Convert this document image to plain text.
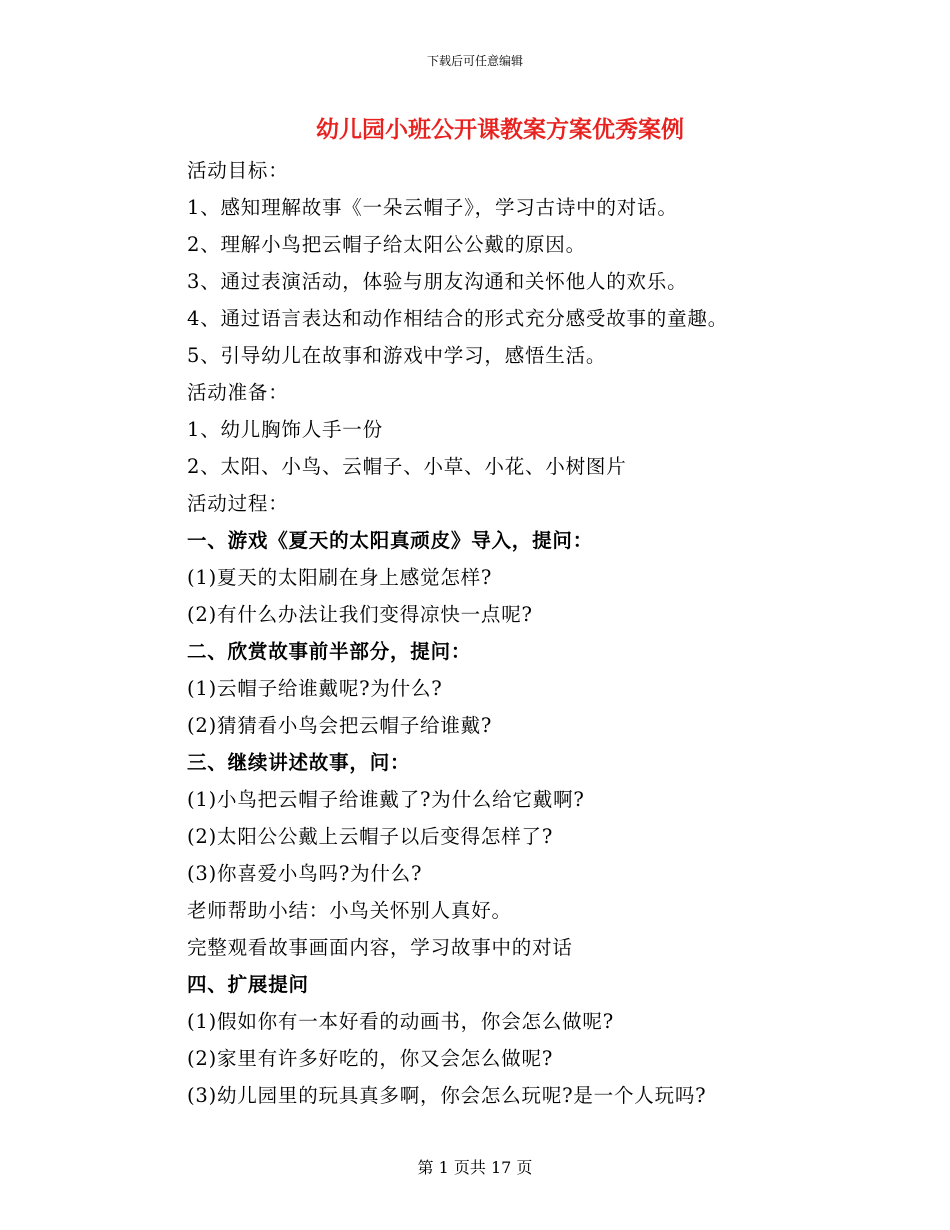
下载后可任意编辑
幼儿园小班公开课教案方案优秀案例
活动目标：
1、感知理解故事《一朵云帽子》，学习古诗中的对话。
2、理解小鸟把云帽子给太阳公公戴的原因。
3、通过表演活动，体验与朋友沟通和关怀他人的欢乐。
4、通过语言表达和动作相结合的形式充分感受故事的童趣。
5、引导幼儿在故事和游戏中学习，感悟生活。
活动准备：
1、幼儿胸饰人手一份
2、太阳、小鸟、云帽子、小草、小花、小树图片
活动过程：
一、游戏《夏天的太阳真顽皮》导入，提问：
(1)夏天的太阳刷在身上感觉怎样?
(2)有什么办法让我们变得凉快一点呢?
二、欣赏故事前半部分，提问：
(1)云帽子给谁戴呢?为什么?
(2)猜猜看小鸟会把云帽子给谁戴?
三、继续讲述故事，问：
(1)小鸟把云帽子给谁戴了?为什么给它戴啊?
(2)太阳公公戴上云帽子以后变得怎样了?
(3)你喜爱小鸟吗?为什么?
老师帮助小结：小鸟关怀别人真好。
完整观看故事画面内容，学习故事中的对话
四、扩展提问
(1)假如你有一本好看的动画书，你会怎么做呢?
(2)家里有许多好吃的，你又会怎么做呢?
(3)幼儿园里的玩具真多啊，你会怎么玩呢?是一个人玩吗?
第 1 页共 17 页
